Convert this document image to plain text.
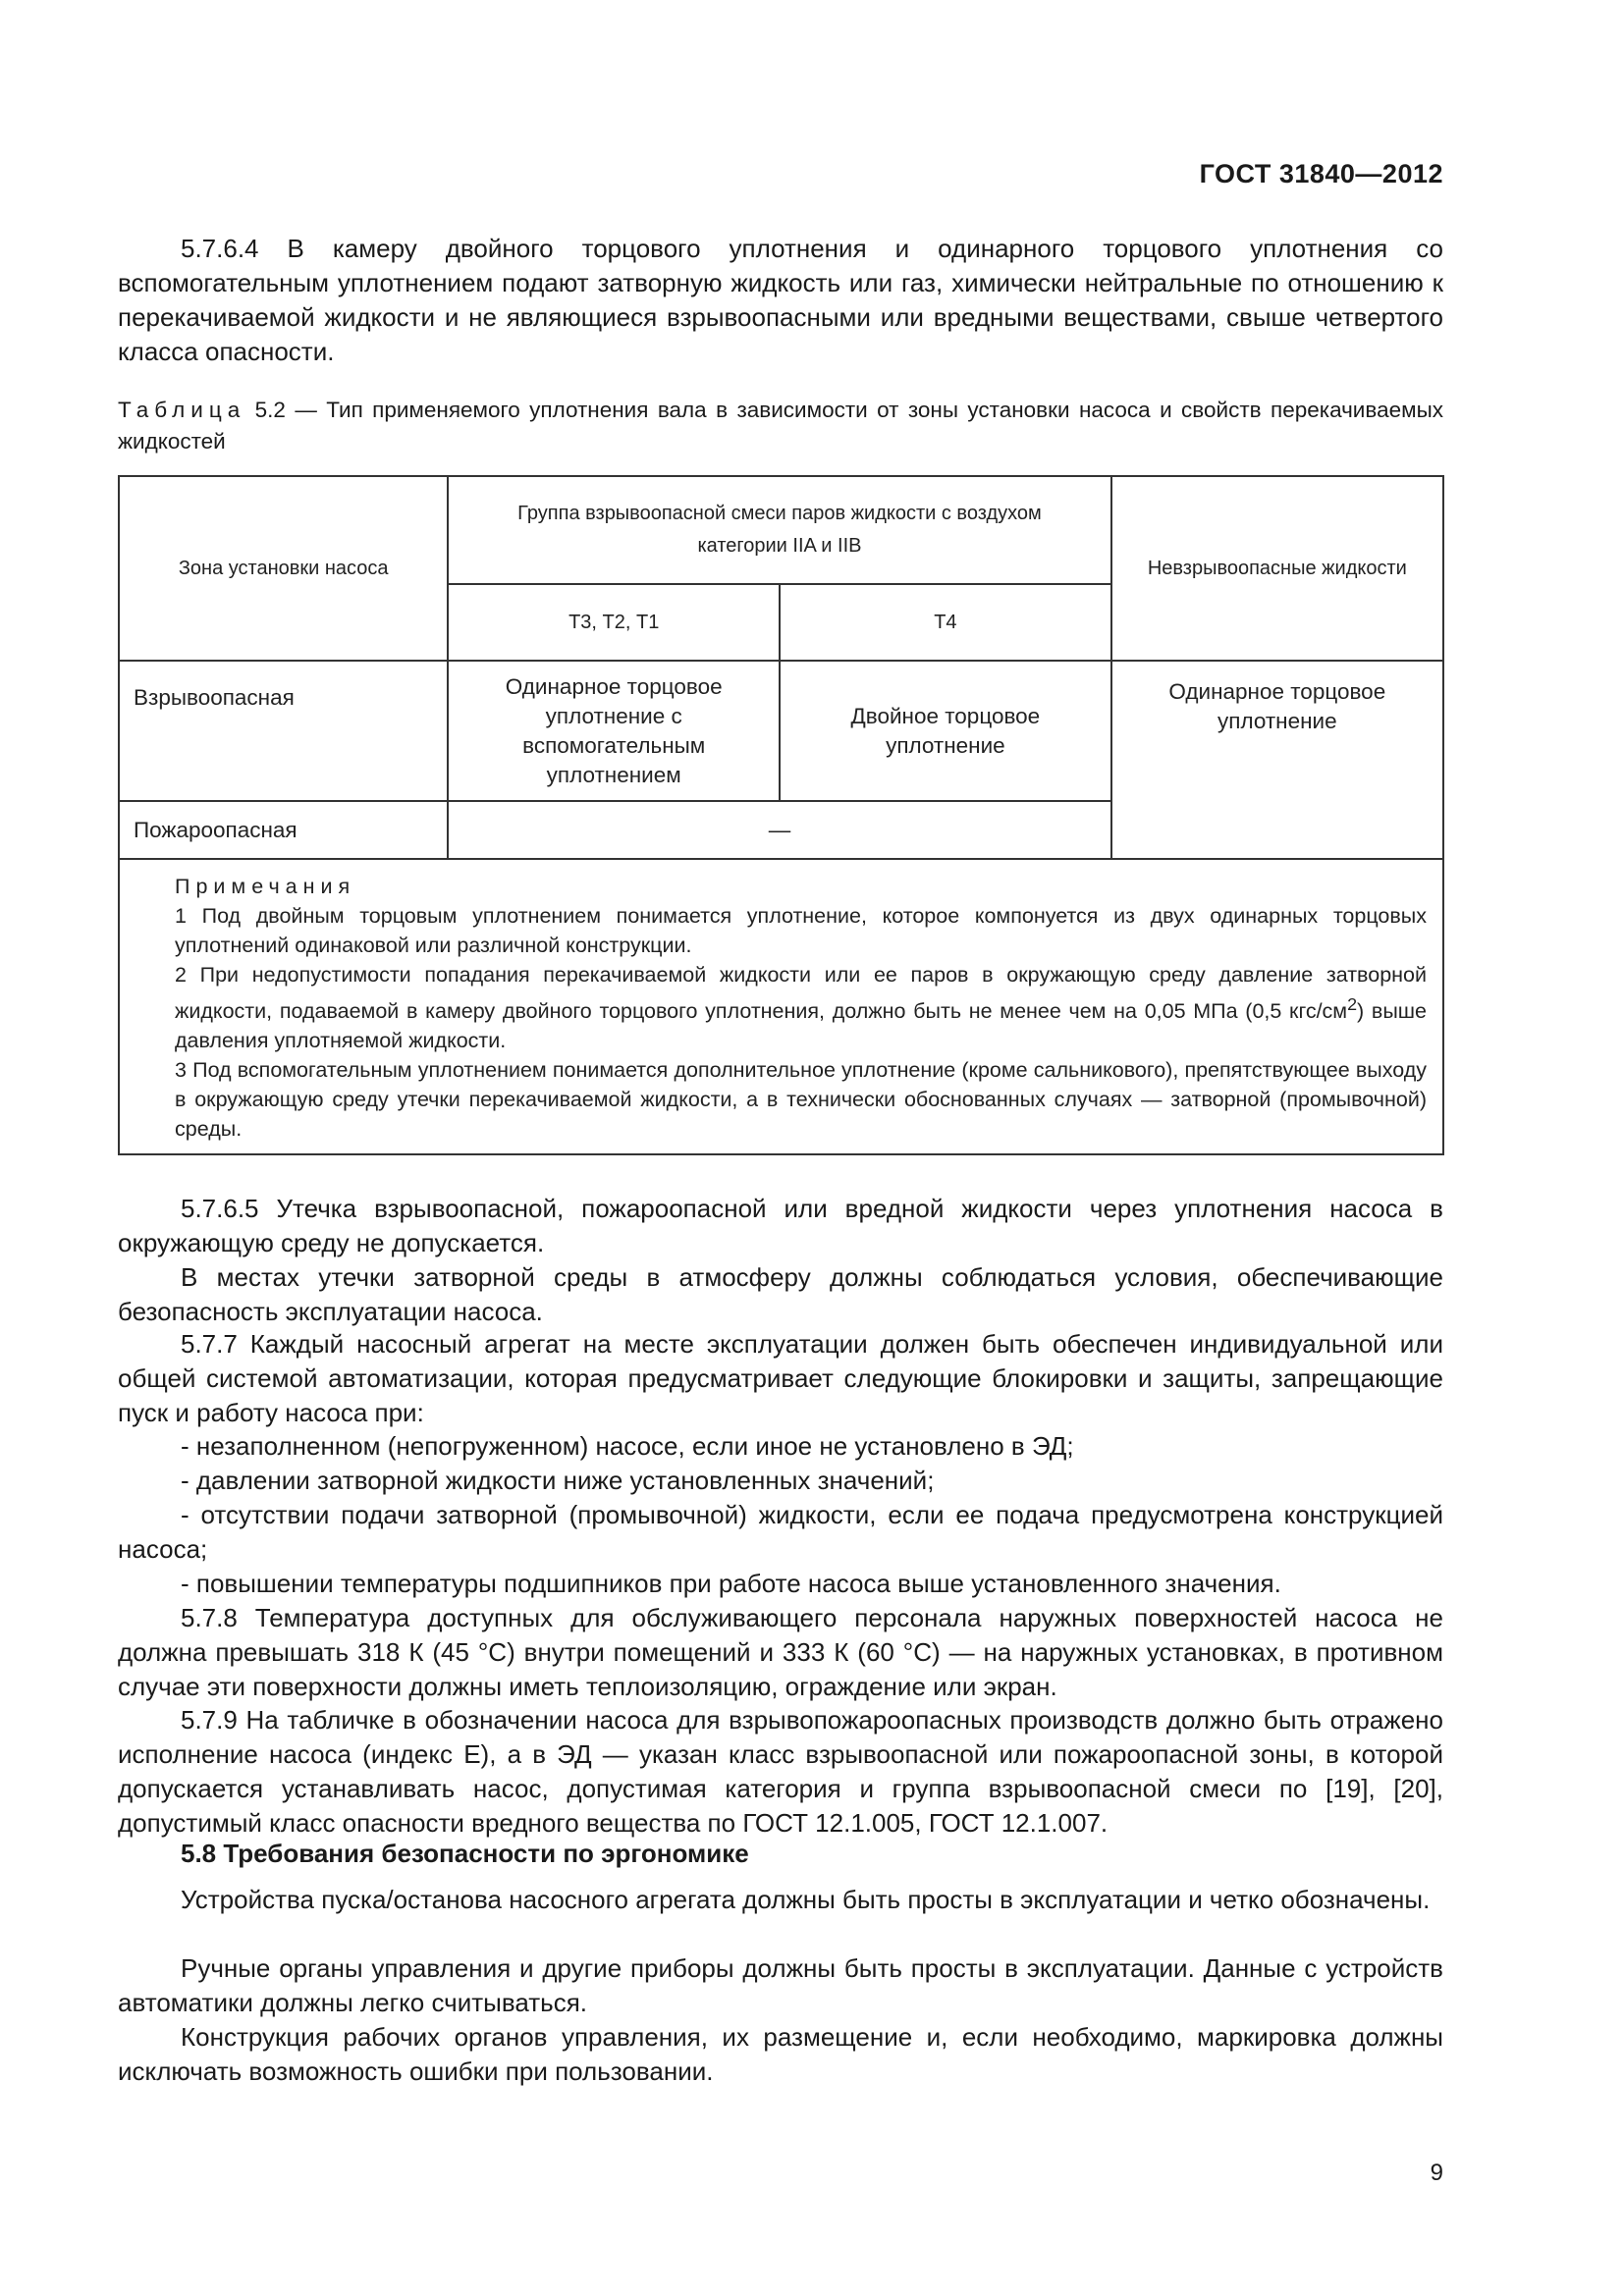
ГОСТ 31840—2012

5.7.6.4 В камеру двойного торцового уплотнения и одинарного торцового уплотнения со вспомогательным уплотнением подают затворную жидкость или газ, химически нейтральные по отношению к перекачиваемой жидкости и не являющиеся взрывоопасными или вредными веществами, свыше четвертого класса опасности.

Таблица 5.2 — Тип применяемого уплотнения вала в зависимости от зоны установки насоса и свойств перекачиваемых жидкостей
Зона установки насоса	Группа взрывоопасной смеси паров жидкости с воздухом категории IIA и IIB		Невзрывоопасные жидкости
	Т3, Т2, Т1	Т4	
Взрывоопасная	Одинарное торцовое уплотнение с вспомогательным уплотнением	Двойное торцовое уплотнение	Одинарное торцовое уплотнение
Пожароопасная	—		

Примечания
1 Под двойным торцовым уплотнением понимается уплотнение, которое компонуется из двух одинарных торцовых уплотнений одинаковой или различной конструкции.
2 При недопустимости попадания перекачиваемой жидкости или ее паров в окружающую среду давление затворной жидкости, подаваемой в камеру двойного торцового уплотнения, должно быть не менее чем на 0,05 МПа (0,5 кгс/$см^2$) выше давления уплотняемой жидкости.
3 Под вспомогательным уплотнением понимается дополнительное уплотнение (кроме сальникового), препятствующее выходу в окружающую среду утечки перекачиваемой жидкости, а в технически обоснованных случаях — затворной (промывочной) среды.			

5.7.6.5 Утечка взрывоопасной, пожароопасной или вредной жидкости через уплотнения насоса в окружающую среду не допускается.

В местах утечки затворной среды в атмосферу должны соблюдаться условия, обеспечивающие безопасность эксплуатации насоса.

5.7.7 Каждый насосный агрегат на месте эксплуатации должен быть обеспечен индивидуальной или общей системой автоматизации, которая предусматривает следующие блокировки и защиты, запрещающие пуск и работу насоса при:

- незаполненном (непогруженном) насосе, если иное не установлено в ЭД;

- давлении затворной жидкости ниже установленных значений;

- отсутствии подачи затворной (промывочной) жидкости, если ее подача предусмотрена конструкцией насоса;

- повышении температуры подшипников при работе насоса выше установленного значения.

5.7.8 Температура доступных для обслуживающего персонала наружных поверхностей насоса не должна превышать 318 К (45 °С) внутри помещений и 333 К (60 °С) — на наружных установках, в противном случае эти поверхности должны иметь теплоизоляцию, ограждение или экран.

5.7.9 На табличке в обозначении насоса для взрывопожароопасных производств должно быть отражено исполнение насоса (индекс Е), а в ЭД — указан класс взрывоопасной или пожароопасной зоны, в которой допускается устанавливать насос, допустимая категория и группа взрывоопасной смеси по [19], [20], допустимый класс опасности вредного вещества по ГОСТ 12.1.005, ГОСТ 12.1.007.

5.8 Требования безопасности по эргономике

Устройства пуска/останова насосного агрегата должны быть просты в эксплуатации и четко обозначены.

Ручные органы управления и другие приборы должны быть просты в эксплуатации. Данные с устройств автоматики должны легко считываться.

Конструкция рабочих органов управления, их размещение и, если необходимо, маркировка должны исключать возможность ошибки при пользовании.

9
